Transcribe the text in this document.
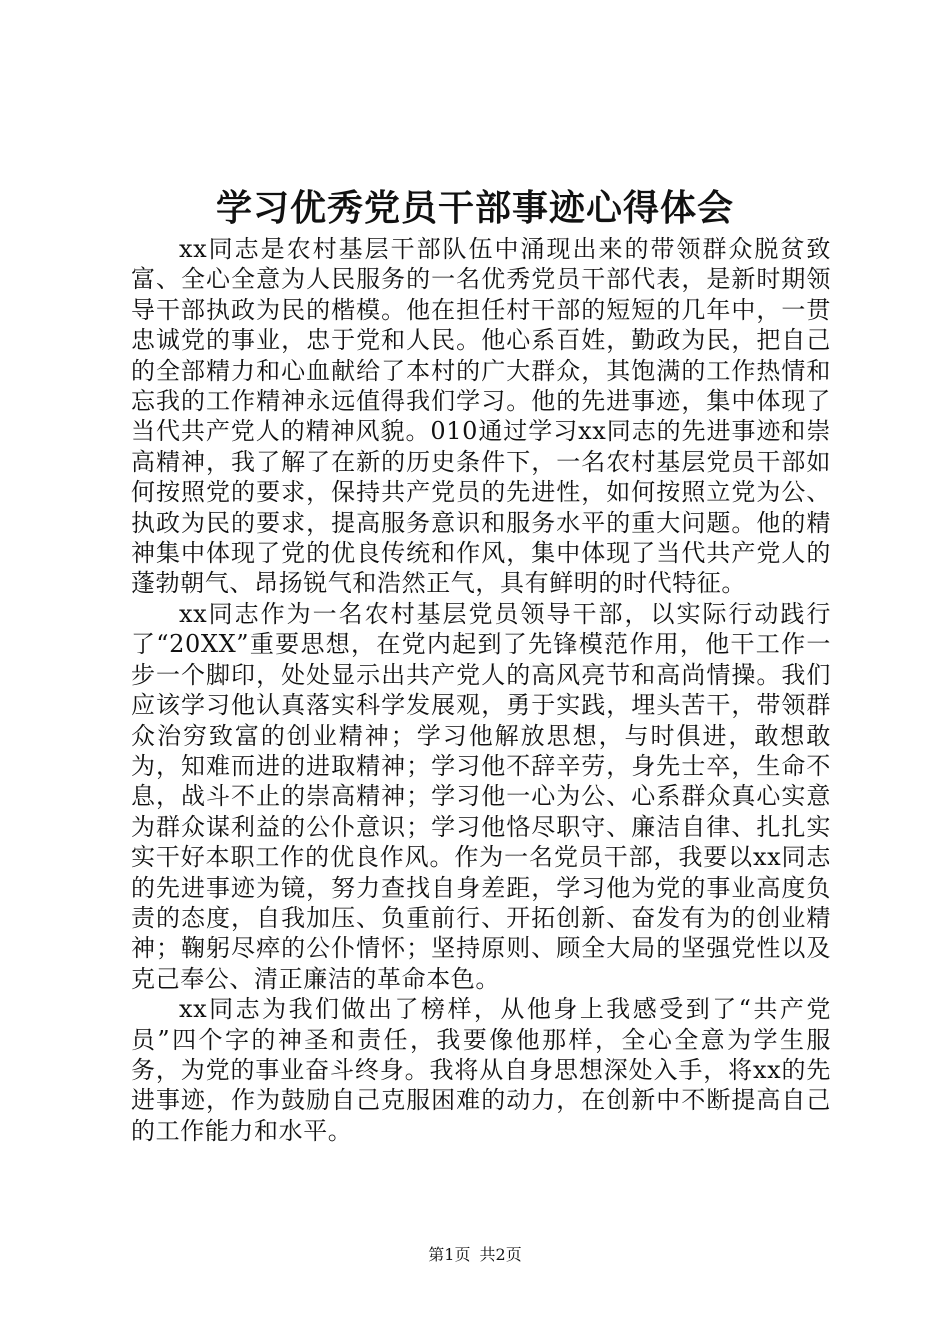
学习优秀党员干部事迹心得体会

xx同志是农村基层干部队伍中涌现出来的带领群众脱贫致富、全心全意为人民服务的一名优秀党员干部代表，是新时期领导干部执政为民的楷模。他在担任村干部的短短的几年中，一贯忠诚党的事业，忠于党和人民。他心系百姓，勤政为民，把自己的全部精力和心血献给了本村的广大群众，其饱满的工作热情和忘我的工作精神永远值得我们学习。他的先进事迹，集中体现了当代共产党人的精神风貌。010通过学习xx同志的先进事迹和崇高精神，我了解了在新的历史条件下，一名农村基层党员干部如何按照党的要求，保持共产党员的先进性，如何按照立党为公、执政为民的要求，提高服务意识和服务水平的重大问题。他的精神集中体现了党的优良传统和作风，集中体现了当代共产党人的蓬勃朝气、昂扬锐气和浩然正气，具有鲜明的时代特征。

xx同志作为一名农村基层党员领导干部，以实际行动践行了“20XX”重要思想，在党内起到了先锋模范作用，他干工作一步一个脚印，处处显示出共产党人的高风亮节和高尚情操。我们应该学习他认真落实科学发展观，勇于实践，埋头苦干，带领群众治穷致富的创业精神；学习他解放思想，与时俱进，敢想敢为，知难而进的进取精神；学习他不辞辛劳，身先士卒，生命不息，战斗不止的崇高精神；学习他一心为公、心系群众真心实意为群众谋利益的公仆意识；学习他恪尽职守、廉洁自律、扎扎实实干好本职工作的优良作风。作为一名党员干部，我要以xx同志的先进事迹为镜，努力查找自身差距，学习他为党的事业高度负责的态度，自我加压、负重前行、开拓创新、奋发有为的创业精神；鞠躬尽瘁的公仆情怀；坚持原则、顾全大局的坚强党性以及克己奉公、清正廉洁的革命本色。

xx同志为我们做出了榜样，从他身上我感受到了“共产党员”四个字的神圣和责任，我要像他那样，全心全意为学生服务，为党的事业奋斗终身。我将从自身思想深处入手，将xx的先进事迹，作为鼓励自己克服困难的动力，在创新中不断提高自己的工作能力和水平。

第1页 共2页
